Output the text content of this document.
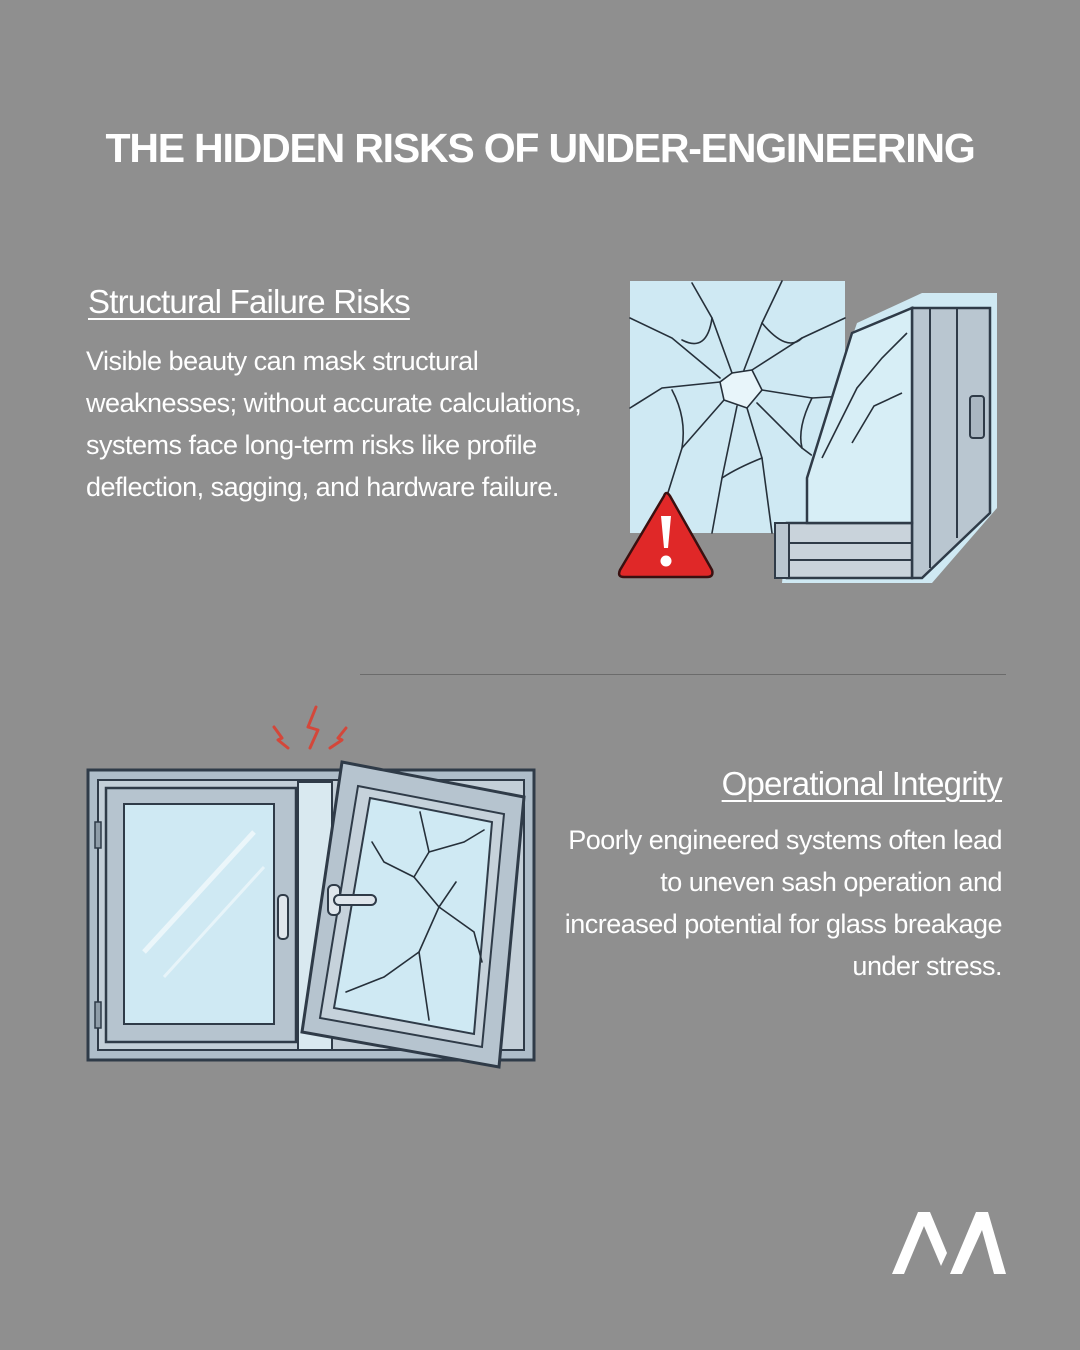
THE HIDDEN RISKS OF UNDER-ENGINEERING
Structural Failure Risks

Visible beauty can mask structural weaknesses; without accurate calculations, systems face long-term risks like profile deflection, sagging, and hardware failure.

Operational Integrity

Poorly engineered systems often lead to uneven sash operation and increased potential for glass breakage under stress.
